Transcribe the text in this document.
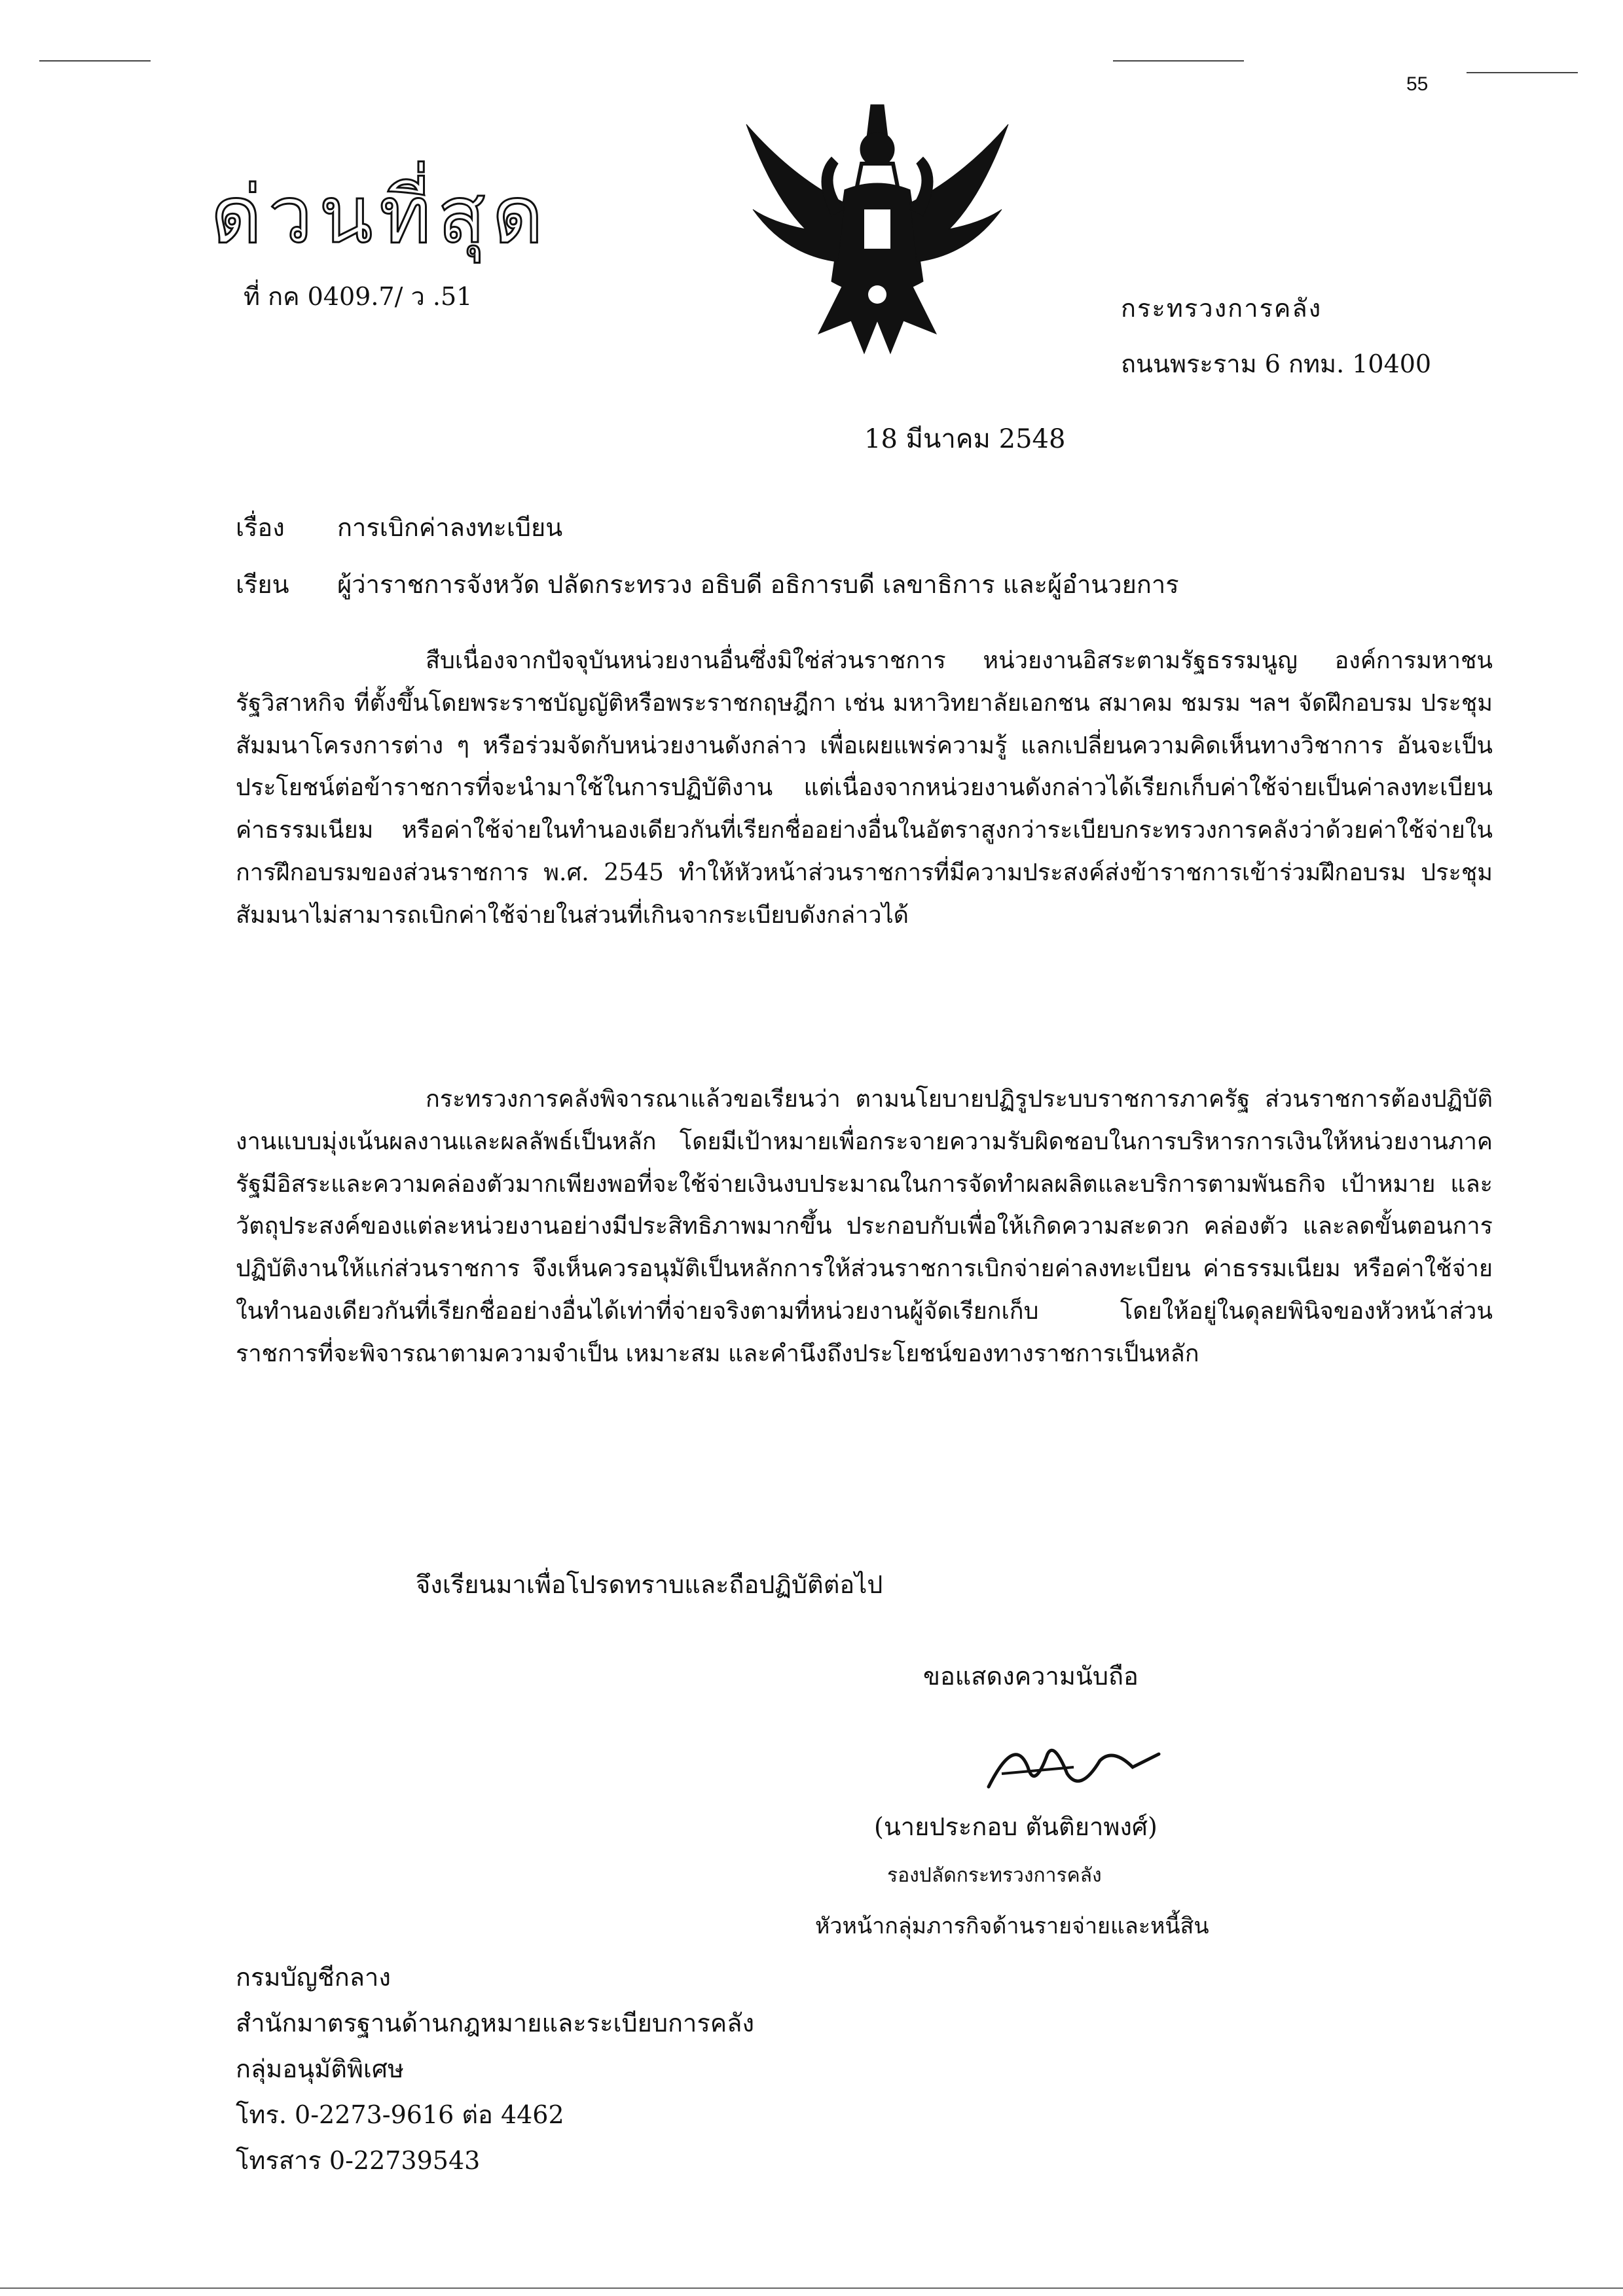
55
ด่วนที่สุด
ที่ กค 0409.7/ ว .51	กระทรวงการคลัง
ถนนพระราม 6 กทม. 10400
18 มีนาคม 2548
เรื่อง การเบิกค่าลงทะเบียน
เรียน ผู้ว่าราชการจังหวัด ปลัดกระทรวง อธิบดี อธิการบดี เลขาธิการ และผู้อำนวยการ

สืบเนื่องจากปัจจุบันหน่วยงานอื่นซึ่งมิใช่ส่วนราชการ หน่วยงานอิสระตามรัฐธรรมนูญ องค์การมหาชน รัฐวิสาหกิจ ที่ตั้งขึ้นโดยพระราชบัญญัติหรือพระราชกฤษฎีกา เช่น มหาวิทยาลัยเอกชน สมาคม ชมรม ฯลฯ จัดฝึกอบรม ประชุม สัมมนาโครงการต่าง ๆ หรือร่วมจัดกับหน่วยงานดังกล่าว เพื่อเผยแพร่ความรู้ แลกเปลี่ยนความคิดเห็นทางวิชาการ อันจะเป็นประโยชน์ต่อข้าราชการที่จะนำมาใช้ในการปฏิบัติงาน แต่เนื่องจากหน่วยงานดังกล่าวได้เรียกเก็บค่าใช้จ่ายเป็นค่าลงทะเบียน ค่าธรรมเนียม หรือค่าใช้จ่ายในทำนองเดียวกันที่เรียกชื่ออย่างอื่นในอัตราสูงกว่าระเบียบกระทรวงการคลังว่าด้วยค่าใช้จ่ายในการฝึกอบรมของส่วนราชการ พ.ศ. 2545 ทำให้หัวหน้าส่วนราชการที่มีความประสงค์ส่งข้าราชการเข้าร่วมฝึกอบรม ประชุม สัมมนาไม่สามารถเบิกค่าใช้จ่ายในส่วนที่เกินจากระเบียบดังกล่าวได้

กระทรวงการคลังพิจารณาแล้วขอเรียนว่า ตามนโยบายปฏิรูประบบราชการภาครัฐ ส่วนราชการต้องปฏิบัติงานแบบมุ่งเน้นผลงานและผลลัพธ์เป็นหลัก โดยมีเป้าหมายเพื่อกระจายความรับผิดชอบในการบริหารการเงินให้หน่วยงานภาครัฐมีอิสระและความคล่องตัวมากเพียงพอที่จะใช้จ่ายเงินงบประมาณในการจัดทำผลผลิตและบริการตามพันธกิจ เป้าหมาย และวัตถุประสงค์ของแต่ละหน่วยงานอย่างมีประสิทธิภาพมากขึ้น ประกอบกับเพื่อให้เกิดความสะดวก คล่องตัว และลดขั้นตอนการปฏิบัติงานให้แก่ส่วนราชการ จึงเห็นควรอนุมัติเป็นหลักการให้ส่วนราชการเบิกจ่ายค่าลงทะเบียน ค่าธรรมเนียม หรือค่าใช้จ่ายในทำนองเดียวกันที่เรียกชื่ออย่างอื่นได้เท่าที่จ่ายจริงตามที่หน่วยงานผู้จัดเรียกเก็บ โดยให้อยู่ในดุลยพินิจของหัวหน้าส่วนราชการที่จะพิจารณาตามความจำเป็น เหมาะสม และคำนึงถึงประโยชน์ของทางราชการเป็นหลัก

จึงเรียนมาเพื่อโปรดทราบและถือปฏิบัติต่อไป
ขอแสดงความนับถือ
(นายประกอบ ตันติยาพงศ์)
รองปลัดกระทรวงการคลัง
หัวหน้ากลุ่มภารกิจด้านรายจ่ายและหนี้สิน
กรมบัญชีกลาง
สำนักมาตรฐานด้านกฎหมายและระเบียบการคลัง
กลุ่มอนุมัติพิเศษ
โทร. 0-2273-9616 ต่อ 4462
โทรสาร 0-22739543
